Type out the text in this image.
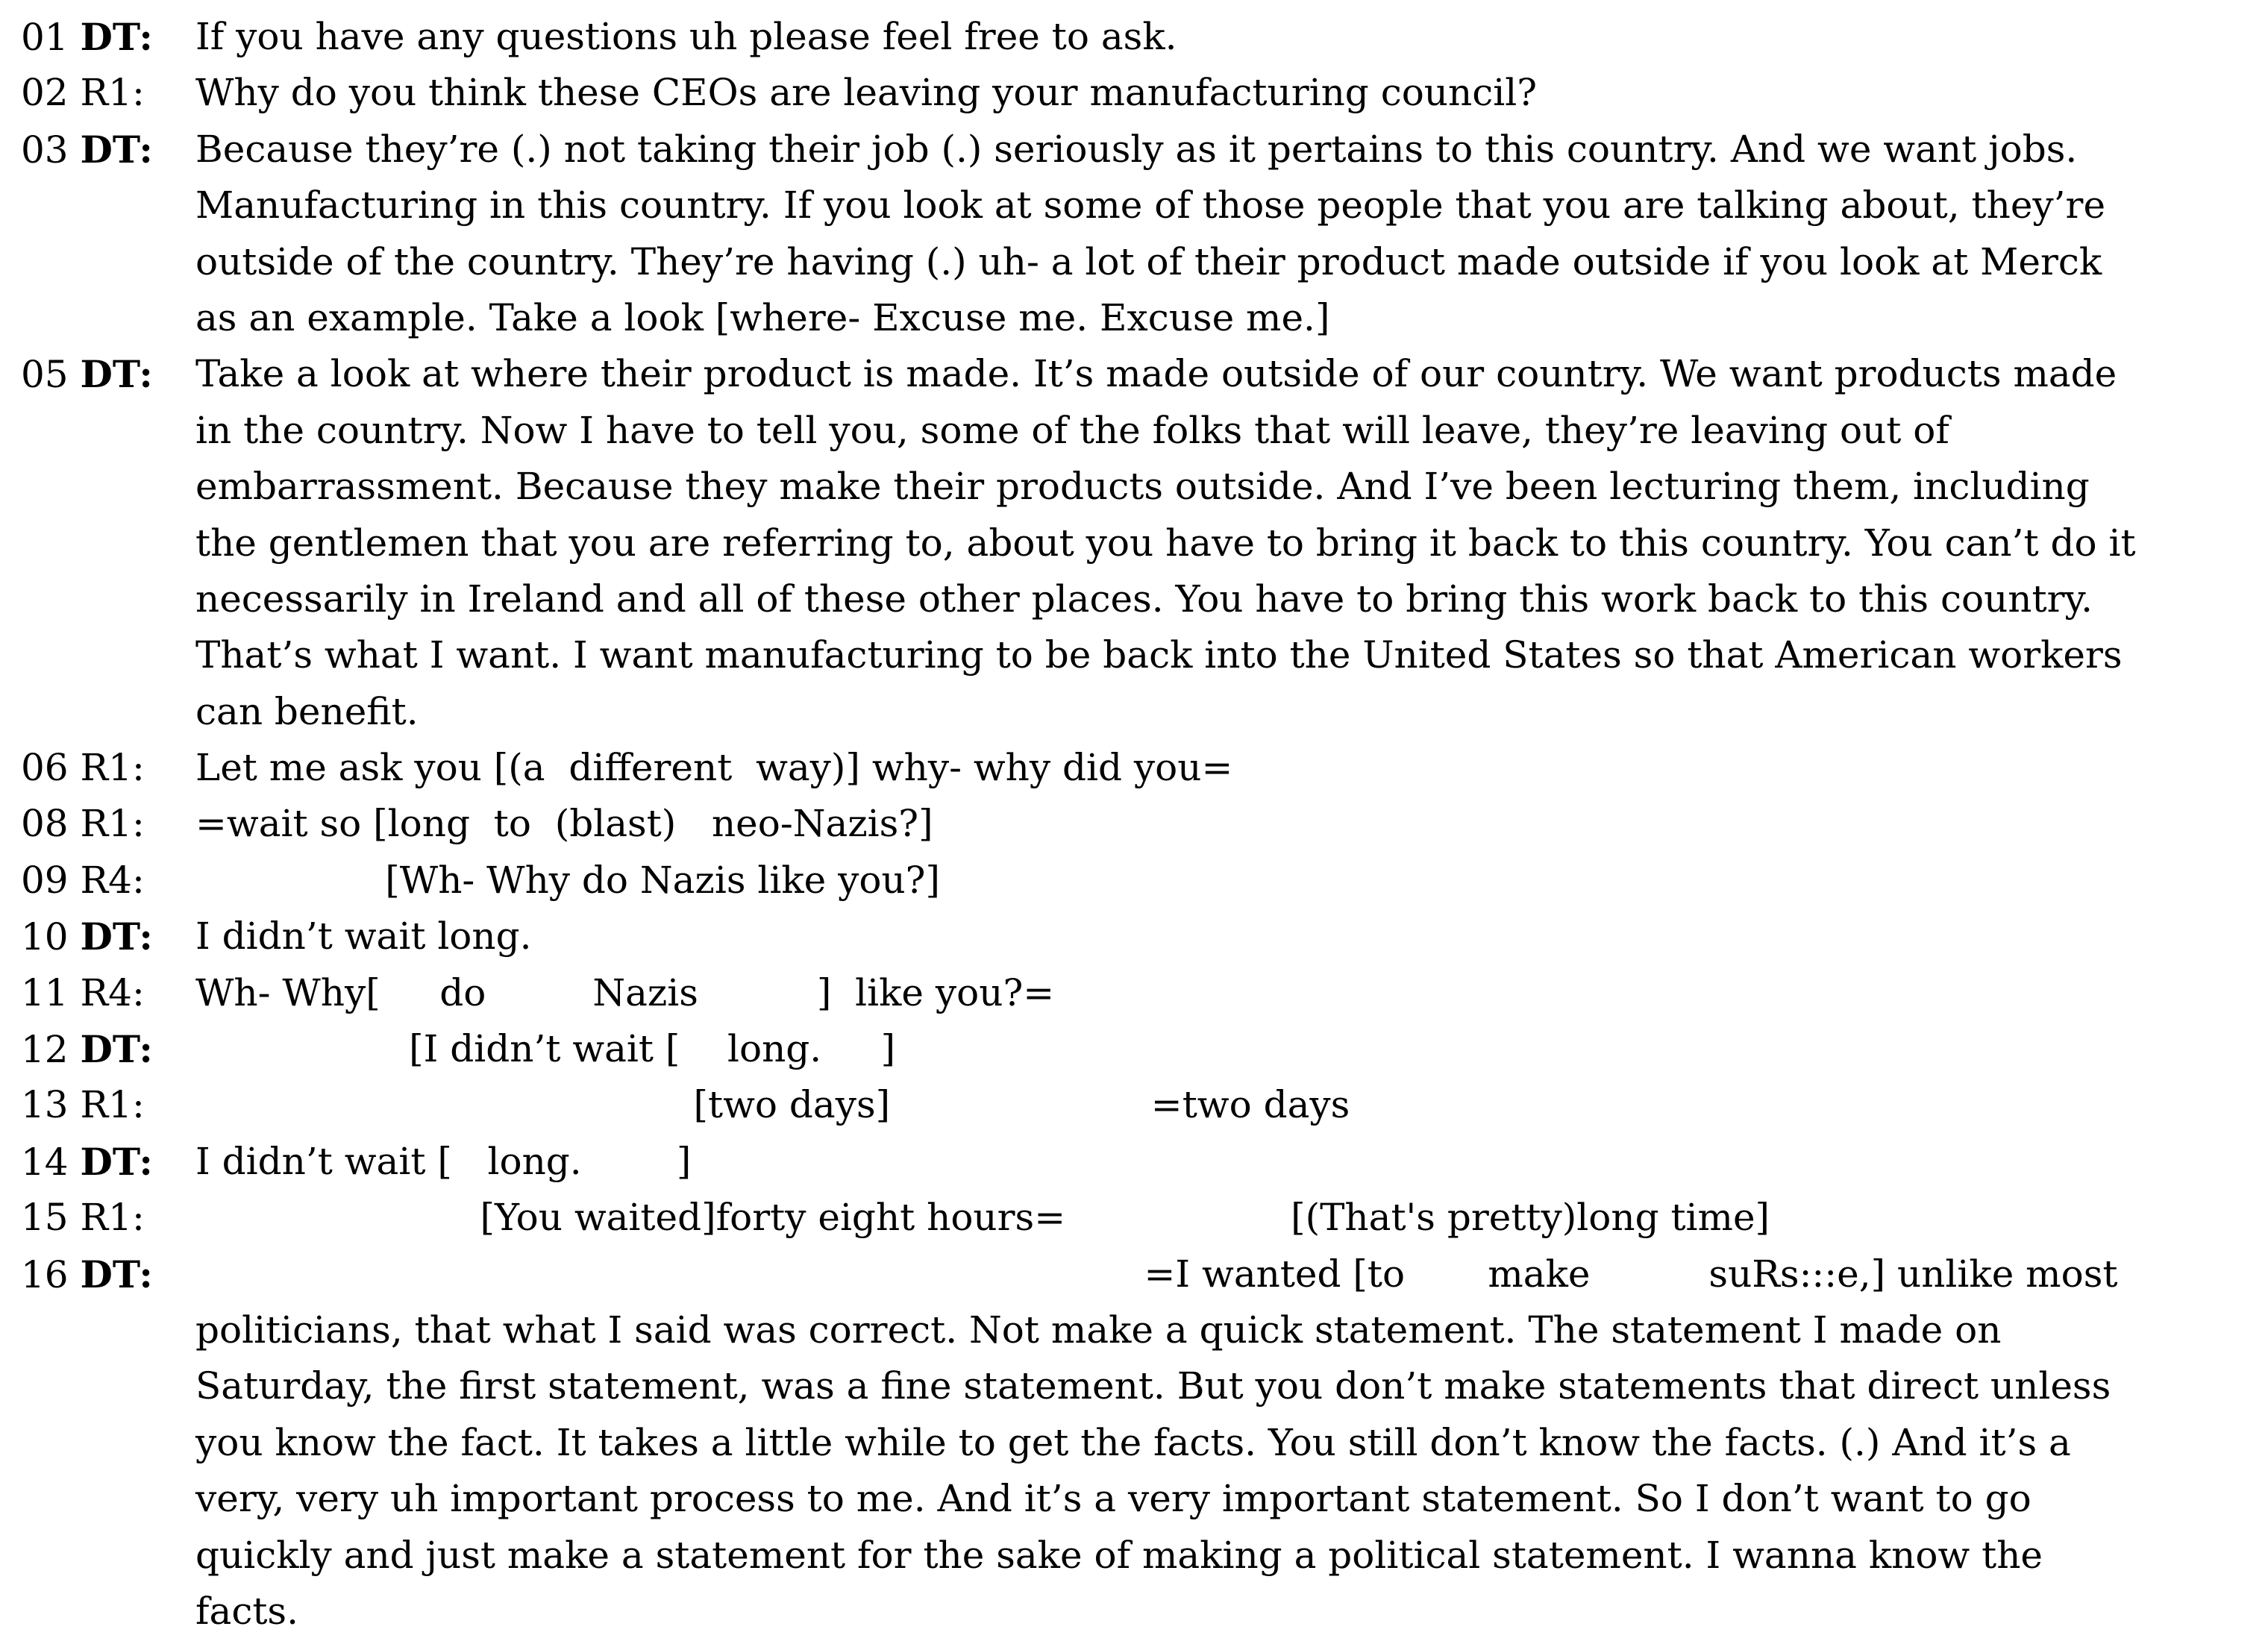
01 DT: If you have any questions uh please feel free to ask.
02 R1: Why do you think these CEOs are leaving your manufacturing council?
03 DT: Because they’re (.) not taking their job (.) seriously as it pertains to this country. And we want jobs.
Manufacturing in this country. If you look at some of those people that you are talking about, they’re
outside of the country. They’re having (.) uh- a lot of their product made outside if you look at Merck
as an example. Take a look [where- Excuse me. Excuse me.]
05 DT: Take a look at where their product is made. It’s made outside of our country. We want products made
in the country. Now I have to tell you, some of the folks that will leave, they’re leaving out of
embarrassment. Because they make their products outside. And I’ve been lecturing them, including
the gentlemen that you are referring to, about you have to bring it back to this country. You can’t do it
necessarily in Ireland and all of these other places. You have to bring this work back to this country.
That’s what I want. I want manufacturing to be back into the United States so that American workers
can benefit.
06 R1: Let me ask you [(a  different  way)] why- why did you=
08 R1: =wait so [long  to  (blast)   neo-Nazis?]
09 R4: [Wh- Why do Nazis like you?]
10 DT: I didn’t wait long.
11 R4: Wh- Why[     do         Nazis          ]  like you?=
12 DT: [I didn’t wait [    long.     ]
13 R1: [two days]                      =two days
14 DT: I didn’t wait [   long.        ]
15 R1: [You waited]forty eight hours=                   [(That's pretty)long time]
16 DT: =I wanted [to       make          suRs:::e,] unlike most
politicians, that what I said was correct. Not make a quick statement. The statement I made on
Saturday, the first statement, was a fine statement. But you don’t make statements that direct unless
you know the fact. It takes a little while to get the facts. You still don’t know the facts. (.) And it’s a
very, very uh important process to me. And it’s a very important statement. So I don’t want to go
quickly and just make a statement for the sake of making a political statement. I wanna know the
facts.
